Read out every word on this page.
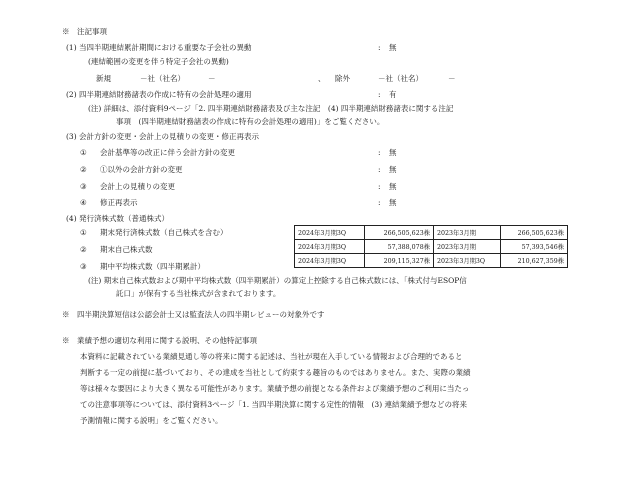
※　注記事項
(1) 当四半期連結累計期間における重要な子会社の異動	: 無
(連結範囲の変更を伴う特定子会社の異動)
新規	－社（社名）	－	、 除外	－社（社名）	－
(2) 四半期連結財務諸表の作成に特有の会計処理の適用	: 有
(注) 詳細は、添付資料9ページ「2. 四半期連結財務諸表及び主な注記　(4) 四半期連結財務諸表に関する注記
事項　(四半期連結財務諸表の作成に特有の会計処理の適用)」をご覧ください。
(3) 会計方針の変更・会計上の見積りの変更・修正再表示
① 会計基準等の改正に伴う会計方針の変更	: 無
② ①以外の会計方針の変更	: 無
③ 会計上の見積りの変更	: 無
④ 修正再表示	: 無
(4) 発行済株式数（普通株式）
① 期末発行済株式数（自己株式を含む）
② 期末自己株式数
③ 期中平均株式数（四半期累計）
2024年3月期3Q	266,505,623株	2023年3月期	266,505,623株
2024年3月期3Q	57,388,078株	2023年3月期	57,393,546株
2024年3月期3Q	209,115,327株	2023年3月期3Q	210,627,359株
(注) 期末自己株式数および期中平均株式数（四半期累計）の算定上控除する自己株式数には、「株式付与ESOP信
託口」が保有する当社株式が含まれております。
※　四半期決算短信は公認会計士又は監査法人の四半期レビューの対象外です
※　業績予想の適切な利用に関する説明、その他特記事項
本資料に記載されている業績見通し等の将来に関する記述は、当社が現在入手している情報および合理的であると
判断する一定の前提に基づいており、その達成を当社として約束する趣旨のものではありません。また、実際の業績
等は様々な要因により大きく異なる可能性があります。業績予想の前提となる条件および業績予想のご利用に当たっ
ての注意事項等については、添付資料3ページ「1. 当四半期決算に関する定性的情報　(3) 連結業績予想などの将来
予測情報に関する説明」をご覧ください。
